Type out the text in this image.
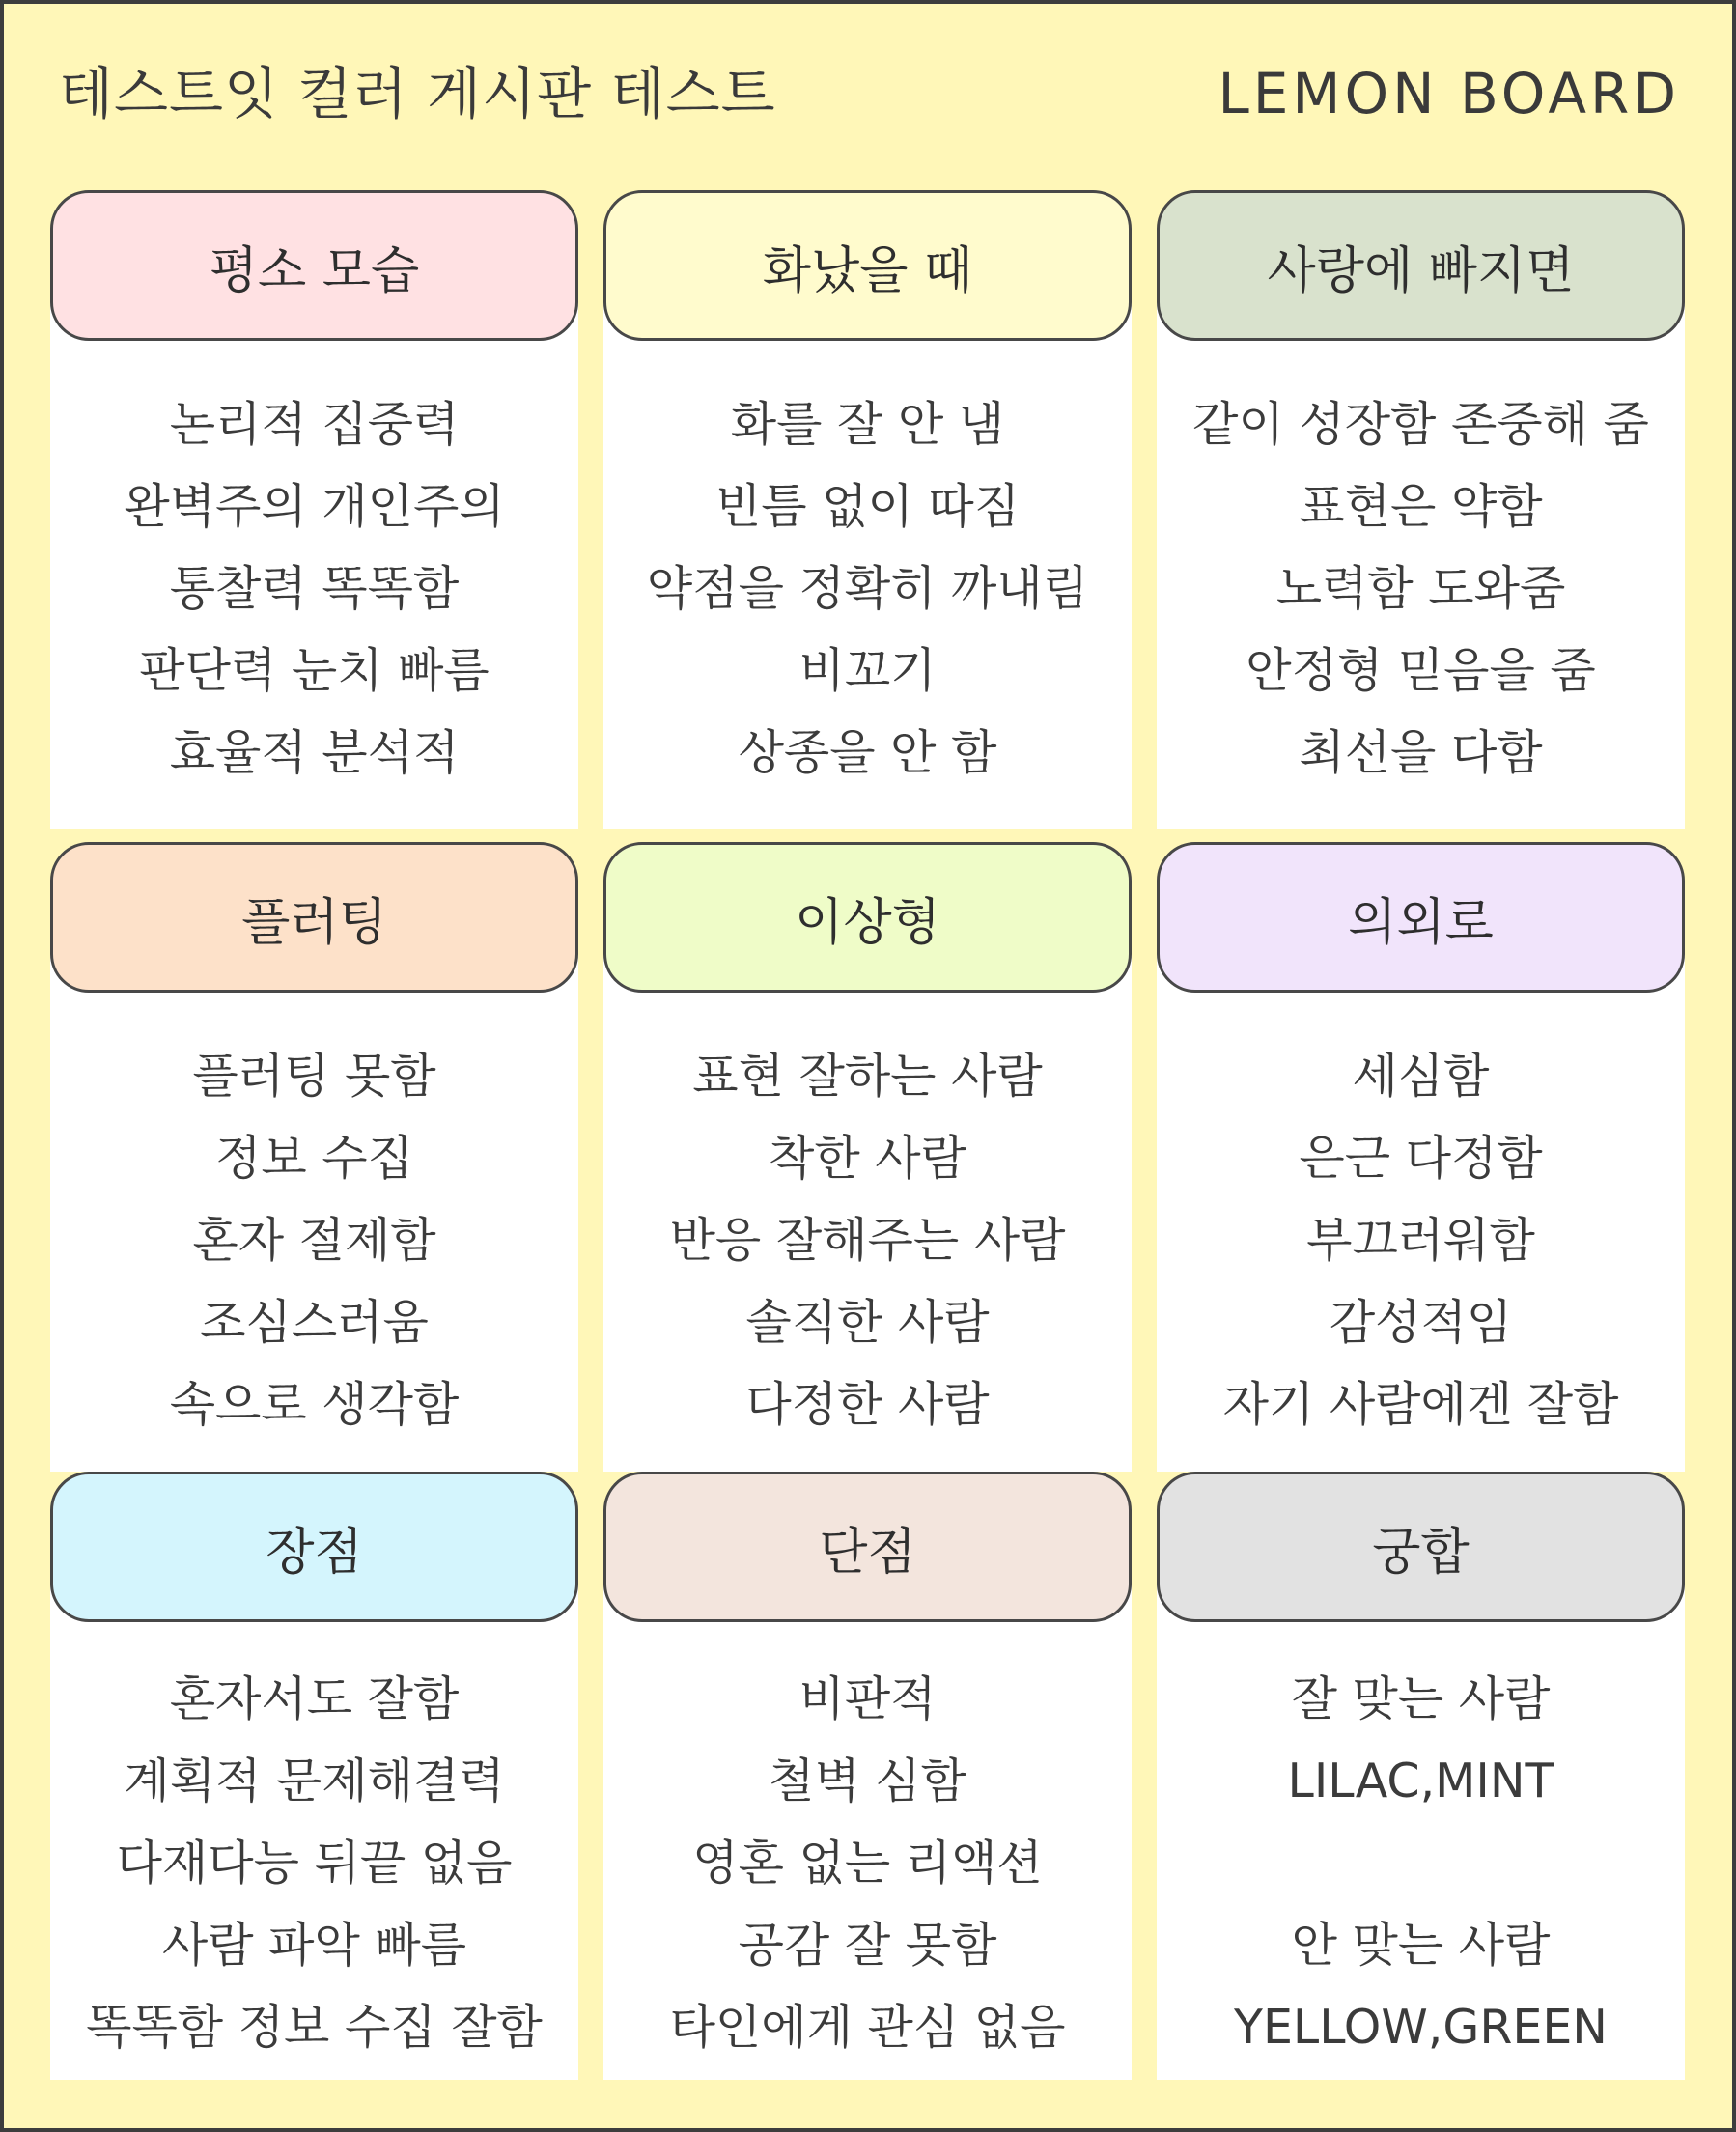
테스트잇 컬러 게시판 테스트	LEMON BOARD
평소 모습
논리적 집중력
완벽주의 개인주의
통찰력 똑똑함
판단력 눈치 빠름
효율적 분석적
화났을 때
화를 잘 안 냄
빈틈 없이 따짐
약점을 정확히 까내림
비꼬기
상종을 안 함
사랑에 빠지면
같이 성장함 존중해 줌
표현은 약함
노력함 도와줌
안정형 믿음을 줌
최선을 다함
플러팅
플러팅 못함
정보 수집
혼자 절제함
조심스러움
속으로 생각함
이상형
표현 잘하는 사람
착한 사람
반응 잘해주는 사람
솔직한 사람
다정한 사람
의외로
세심함
은근 다정함
부끄러워함
감성적임
자기 사람에겐 잘함
장점
혼자서도 잘함
계획적 문제해결력
다재다능 뒤끝 없음
사람 파악 빠름
똑똑함 정보 수집 잘함
단점
비판적
철벽 심함
영혼 없는 리액션
공감 잘 못함
타인에게 관심 없음
궁합
잘 맞는 사람
LILAC,MINT
안 맞는 사람
YELLOW,GREEN
